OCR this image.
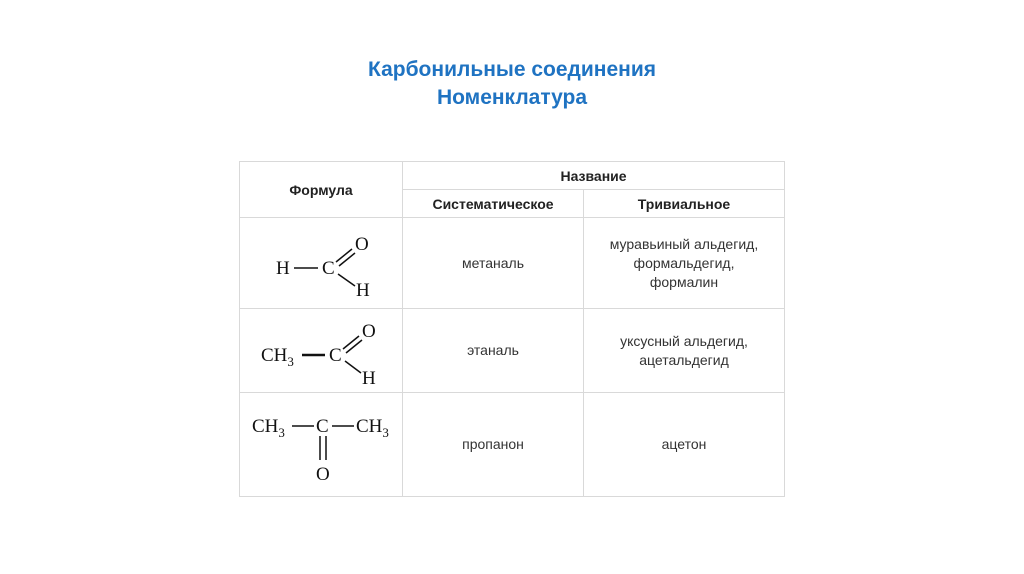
Карбонильные соединения
Номенклатура
Формула	Название	
	Систематическое	Тривиальное

H C
O
H	метаналь	муравьиный альдегид,
формальдегид,
формалин

$CH_3$ C
O
H	этаналь	уксусный альдегид,
ацетальдегид

$CH_3$ C $CH_3$
O	пропанон	ацетон
